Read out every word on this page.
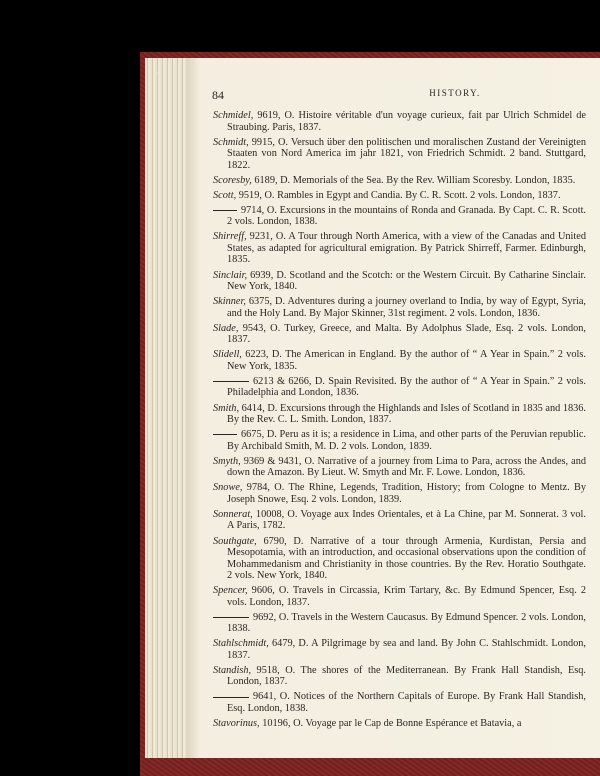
⌃
84	HISTORY.
Schmidel, 9619, O. Histoire véritable d'un voyage curieux, fait par Ulrich Schmidel de Straubing. Paris, 1837.
Schmidt, 9915, O. Versuch über den politischen und moralischen Zustand der Vereinigten Staaten von Nord America im jahr 1821, von Friedrich Schmidt. 2 band. Stuttgard, 1822.
Scoresby, 6189, D. Memorials of the Sea. By the Rev. William Scoresby. London, 1835.
Scott, 9519, O. Rambles in Egypt and Candia. By C. R. Scott. 2 vols. London, 1837.
9714, O. Excursions in the mountains of Ronda and Granada. By Capt. C. R. Scott. 2 vols. London, 1838.
Shirreff, 9231, O. A Tour through North America, with a view of the Canadas and United States, as adapted for agricultural emigration. By Patrick Shirreff, Farmer. Edinburgh, 1835.
Sinclair, 6939, D. Scotland and the Scotch: or the Western Circuit. By Catharine Sinclair. New York, 1840.
Skinner, 6375, D. Adventures during a journey overland to India, by way of Egypt, Syria, and the Holy Land. By Major Skinner, 31st regiment. 2 vols. London, 1836.
Slade, 9543, O. Turkey, Greece, and Malta. By Adolphus Slade, Esq. 2 vols. London, 1837.
Slidell, 6223, D. The American in England. By the author of “ A Year in Spain.” 2 vols. New York, 1835.
6213 & 6266, D. Spain Revisited. By the author of “ A Year in Spain.” 2 vols. Philadelphia and London, 1836.
Smith, 6414, D. Excursions through the Highlands and Isles of Scotland in 1835 and 1836. By the Rev. C. L. Smith. London, 1837.
6675, D. Peru as it is; a residence in Lima, and other parts of the Peruvian republic. By Archibald Smith, M. D. 2 vols. London, 1839.
Smyth, 9369 & 9431, O. Narrative of a journey from Lima to Para, across the Andes, and down the Amazon. By Lieut. W. Smyth and Mr. F. Lowe. London, 1836.
Snowe, 9784, O. The Rhine, Legends, Tradition, History; from Cologne to Mentz. By Joseph Snowe, Esq. 2 vols. London, 1839.
Sonnerat, 10008, O. Voyage aux Indes Orientales, et à La Chine, par M. Sonnerat. 3 vol. A Paris, 1782.
Southgate, 6790, D. Narrative of a tour through Armenia, Kurdistan, Persia and Mesopotamia, with an introduction, and occasional observations upon the condition of Mohammedanism and Christianity in those countries. By the Rev. Horatio Southgate. 2 vols. New York, 1840.
Spencer, 9606, O. Travels in Circassia, Krim Tartary, &c. By Edmund Spencer, Esq. 2 vols. London, 1837.
9692, O. Travels in the Western Caucasus. By Edmund Spencer. 2 vols. London, 1838.
Stahlschmidt, 6479, D. A Pilgrimage by sea and land. By John C. Stahlschmidt. London, 1837.
Standish, 9518, O. The shores of the Mediterranean. By Frank Hall Standish, Esq. London, 1837.
9641, O. Notices of the Northern Capitals of Europe. By Frank Hall Standish, Esq. London, 1838.
Stavorinus, 10196, O. Voyage par le Cap de Bonne Espérance et Batavia, a
